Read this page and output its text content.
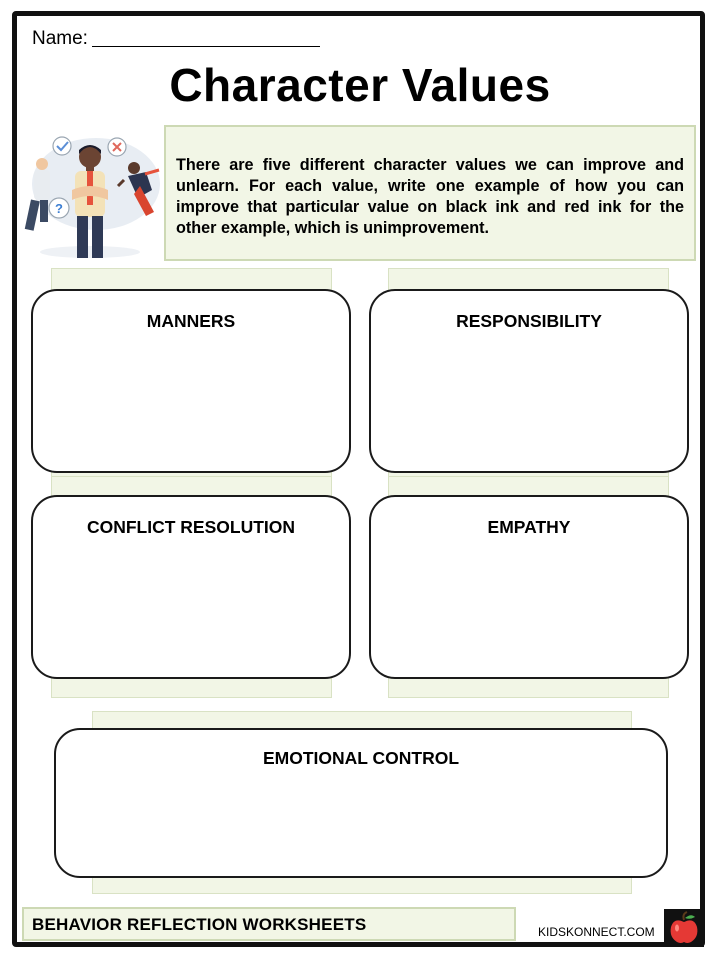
Name:
Character Values
?
There are five different character values we can improve and unlearn. For each value, write one example of how you can improve that particular value on black ink and red ink for the other example, which is unimprovement.
MANNERS	RESPONSIBILITY
CONFLICT RESOLUTION	EMPATHY
EMOTIONAL CONTROL
BEHAVIOR REFLECTION WORKSHEETS	KIDSKONNECT.COM
